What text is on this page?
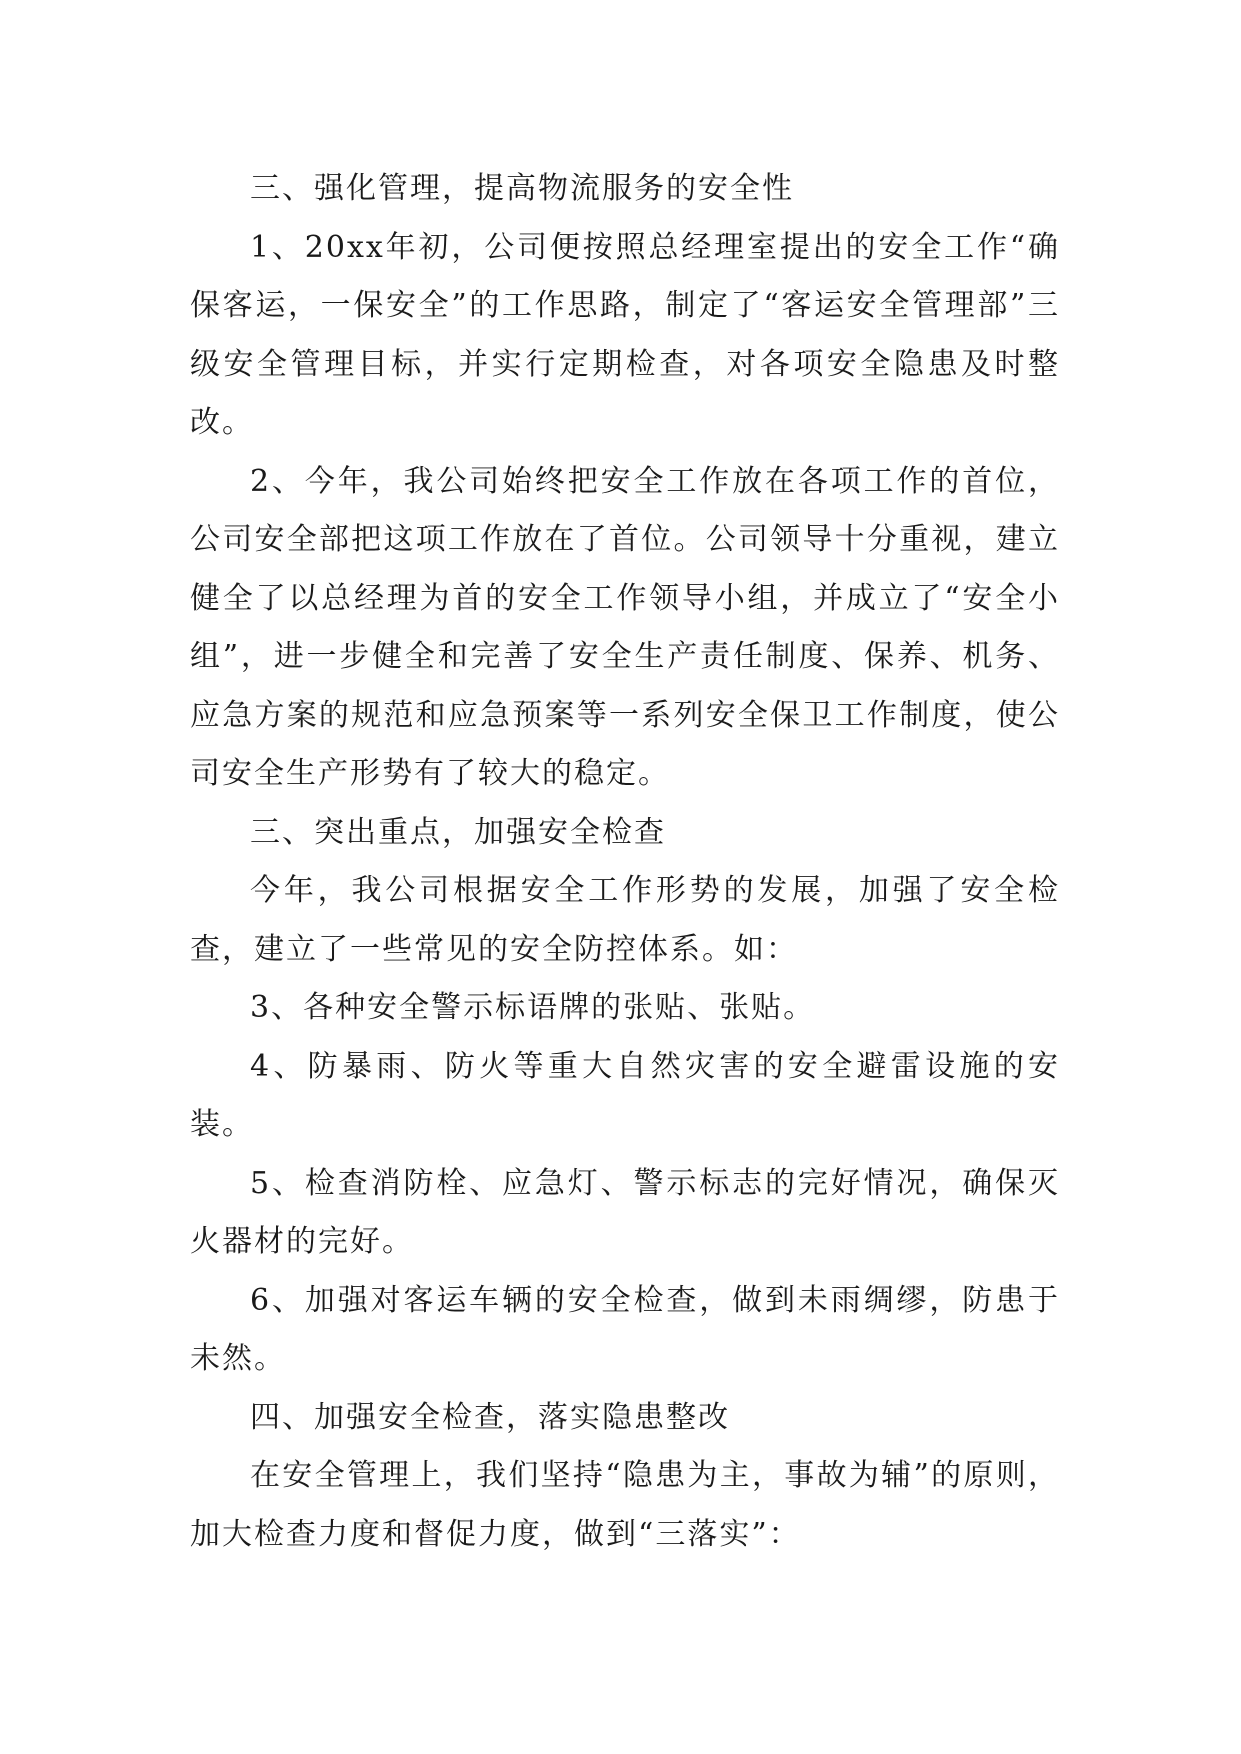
三、强化管理，提高物流服务的安全性

1、20xx年初，公司便按照总经理室提出的安全工作“确保客运，一保安全”的工作思路，制定了“客运安全管理部”三级安全管理目标，并实行定期检查，对各项安全隐患及时整改。

2、今年，我公司始终把安全工作放在各项工作的首位，公司安全部把这项工作放在了首位。公司领导十分重视，建立健全了以总经理为首的安全工作领导小组，并成立了“安全小组”，进一步健全和完善了安全生产责任制度、保养、机务、应急方案的规范和应急预案等一系列安全保卫工作制度，使公司安全生产形势有了较大的稳定。

三、突出重点，加强安全检查

今年，我公司根据安全工作形势的发展，加强了安全检查，建立了一些常见的安全防控体系。如：

3、各种安全警示标语牌的张贴、张贴。

4、防暴雨、防火等重大自然灾害的安全避雷设施的安装。

5、检查消防栓、应急灯、警示标志的完好情况，确保灭火器材的完好。

6、加强对客运车辆的安全检查，做到未雨绸缪，防患于未然。

四、加强安全检查，落实隐患整改

在安全管理上，我们坚持“隐患为主，事故为辅”的原则，加大检查力度和督促力度，做到“三落实”：
